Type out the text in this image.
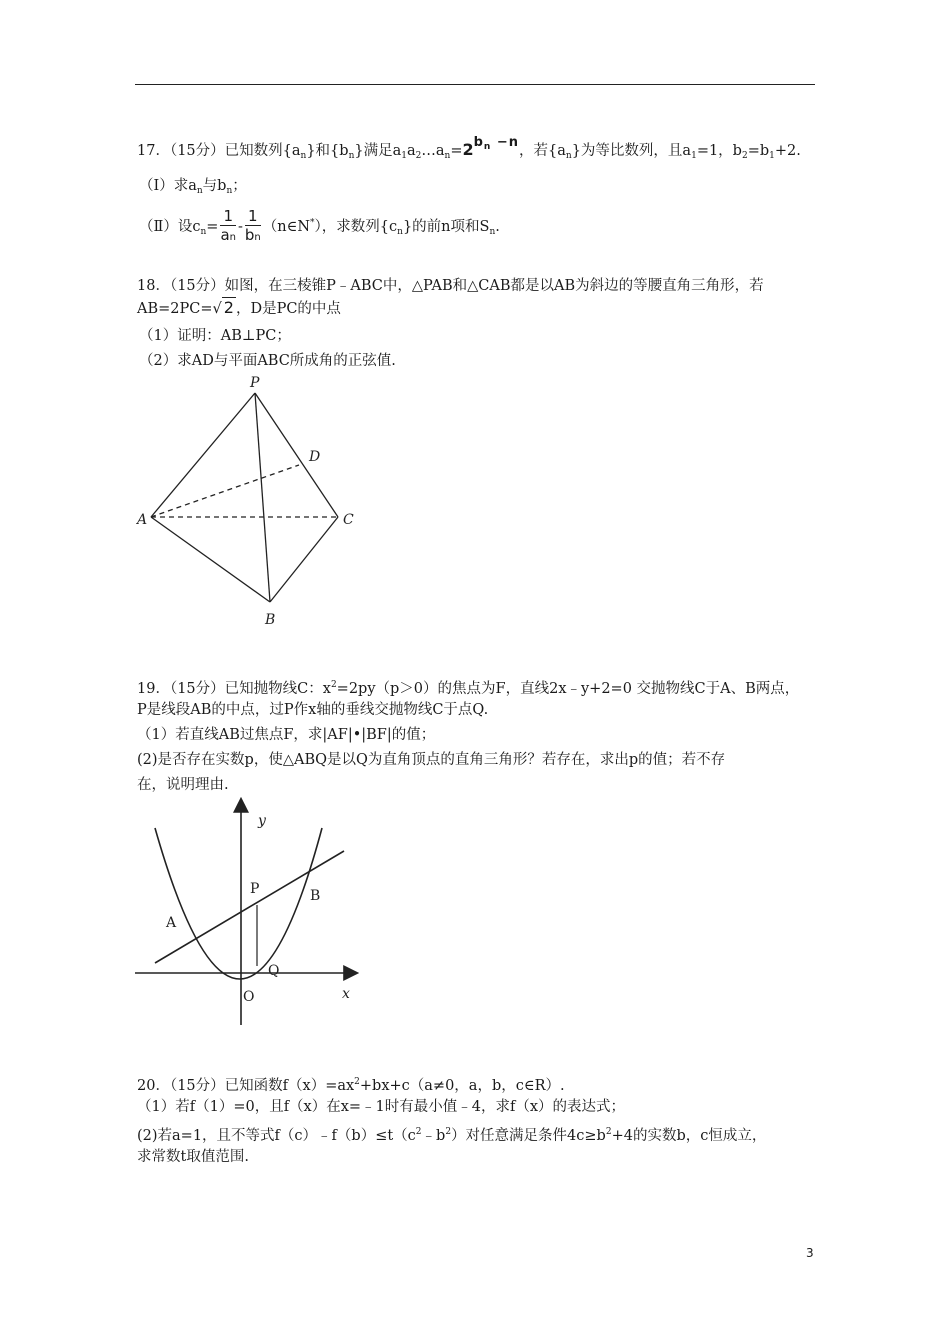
17．（15分）已知数列$\{a_n\}$和$\{b_n\}$满足$a_1a_2\dots a_n=2b_n -n$，若$\{a_n\}$为等比数列，且$a_1=1$，$b_2=b_1+2$.
（Ⅰ）求$a_n$与$b_n$；
（Ⅱ）设$c_n= \frac{1}{an} - \frac{1}{bn}$ （n∈N*），求数列$\{c_n\}$的前n项和$S_n$.
18．（15分）如图，在三棱锥P﹣ABC中，△PAB和△CAB都是以AB为斜边的等腰直角三角形，若
AB=2PC=√ 2 ，D是PC的中点
（1）证明：AB⊥PC；
（2）求AD与平面ABC所成角的正弦值.
P
D
A	C
B
19．（15分）已知抛物线C：$x^2=2py(p>0)$的焦点为F，直线2x﹣y+2=0 交抛物线C于A、B两点，
P是线段AB的中点，过P作x轴的垂线交抛物线C于点Q.
（1）若直线AB过焦点F，求|AF|•|BF|的值；
(2)是否存在实数p，使△ABQ是以Q为直角顶点的直角三角形？若存在，求出p的值；若不存
在，说明理由.
y
x
P	B
A
Q
O
20．（15分）已知函数$f(x)=ax^2+bx+c(a\ne 0$，a，b，c∈R）.
（1）若f（1）=0，且f（x）在x=﹣1时有最小值﹣4，求f（x）的表达式；
(2)若a=1，且不等式$f(c)﹣f(b)\le t(c^2﹣b^2)$对任意满足条件$4c\ge b^2+4$的实数b，c恒成立，
求常数t取值范围.
3
